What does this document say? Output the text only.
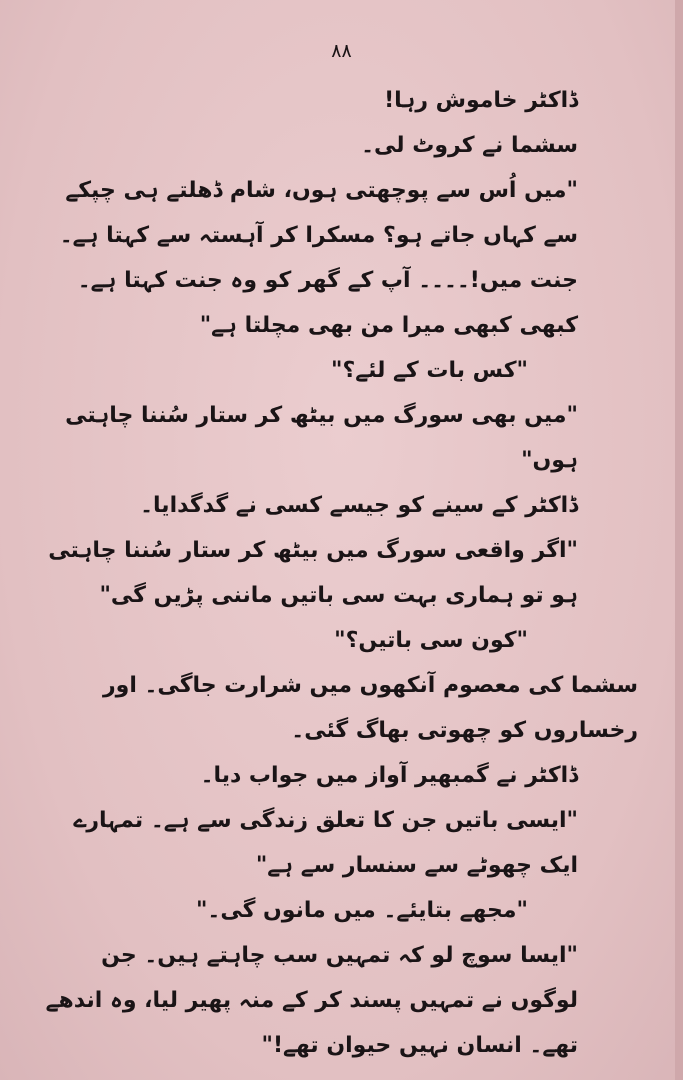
۸۸

ڈاکٹر خاموش رہا!

سشما نے کروٹ لی۔

"میں اُس سے پوچھتی ہوں، شام ڈھلتے ہی چپکے سے کہاں جاتے ہو؟ مسکرا کر آہستہ سے کہتا ہے۔ جنت میں!۔۔۔۔ آپ کے گھر کو وہ جنت کہتا ہے۔ کبھی کبھی میرا من بھی مچلتا ہے"

"کس بات کے لئے؟"

"میں بھی سورگ میں بیٹھ کر ستار سُننا چاہتی ہوں"

ڈاکٹر کے سینے کو جیسے کسی نے گدگدایا۔

"اگر واقعی سورگ میں بیٹھ کر ستار سُننا چاہتی ہو تو ہماری بہت سی باتیں ماننی پڑیں گی"

"کون سی باتیں؟"

سشما کی معصوم آنکھوں میں شرارت جاگی۔ اور رخساروں کو چھوتی بھاگ گئی۔

ڈاکٹر نے گمبھیر آواز میں جواب دیا۔

"ایسی باتیں جن کا تعلق زندگی سے ہے۔ تمہارے ایک چھوٹے سے سنسار سے ہے"

"مجھے بتایئے۔ میں مانوں گی۔"

"ایسا سوچ لو کہ تمہیں سب چاہتے ہیں۔ جن لوگوں نے تمہیں پسند کر کے منہ پھیر لیا، وہ اندھے تھے۔ انسان نہیں حیوان تھے!"
